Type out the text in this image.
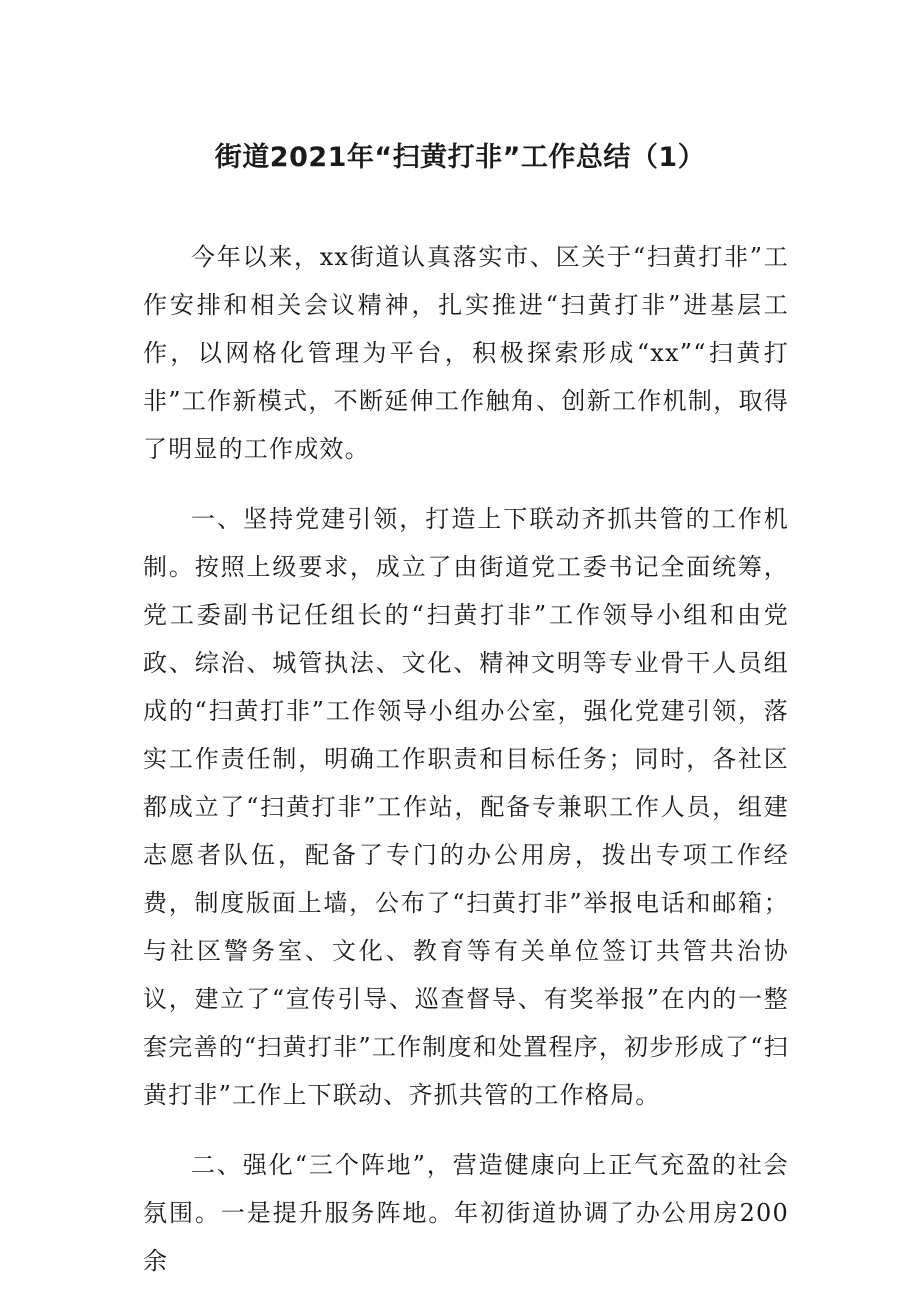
街道2021年“扫黄打非”工作总结（1）

今年以来，xx街道认真落实市、区关于“扫黄打非”工作安排和相关会议精神，扎实推进“扫黄打非”进基层工作，以网格化管理为平台，积极探索形成“xx”“扫黄打非”工作新模式，不断延伸工作触角、创新工作机制，取得了明显的工作成效。

一、坚持党建引领，打造上下联动齐抓共管的工作机制。按照上级要求，成立了由街道党工委书记全面统筹，党工委副书记任组长的“扫黄打非”工作领导小组和由党政、综治、城管执法、文化、精神文明等专业骨干人员组成的“扫黄打非”工作领导小组办公室，强化党建引领，落实工作责任制，明确工作职责和目标任务；同时，各社区都成立了“扫黄打非”工作站，配备专兼职工作人员，组建志愿者队伍，配备了专门的办公用房，拨出专项工作经费，制度版面上墙，公布了“扫黄打非”举报电话和邮箱；与社区警务室、文化、教育等有关单位签订共管共治协议，建立了“宣传引导、巡查督导、有奖举报”在内的一整套完善的“扫黄打非”工作制度和处置程序，初步形成了“扫黄打非”工作上下联动、齐抓共管的工作格局。

二、强化“三个阵地”，营造健康向上正气充盈的社会氛围。一是提升服务阵地。年初街道协调了办公用房200余
